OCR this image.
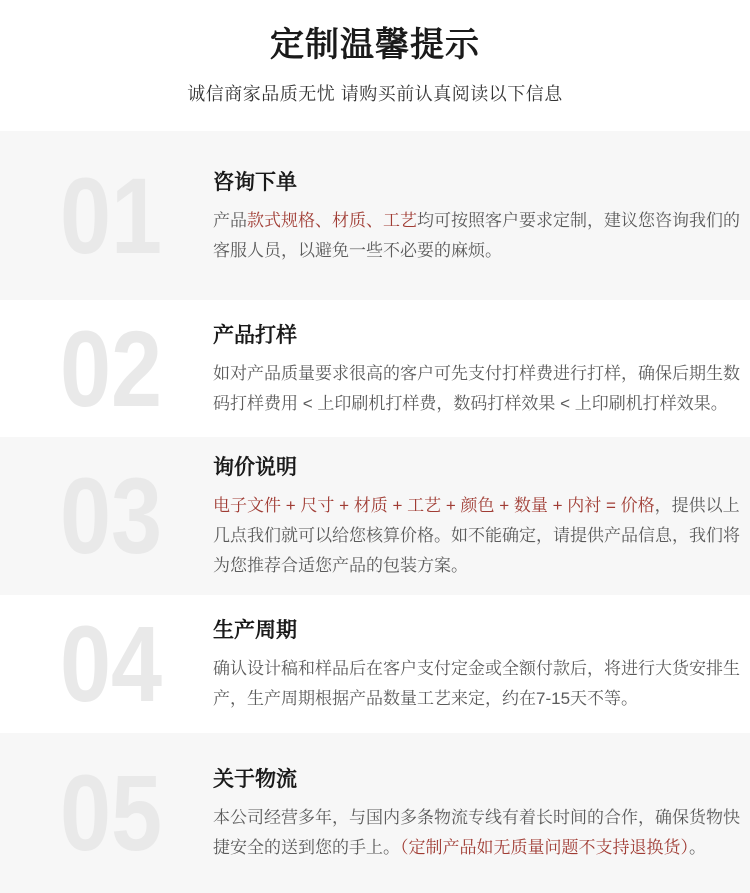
定制温馨提示
诚信商家品质无忧 请购买前认真阅读以下信息
01	咨询下单

产品款式规格、材质、工艺均可按照客户要求定制，建议您咨询我们的客服人员，以避免一些不必要的麻烦。

02	产品打样

如对产品质量要求很高的客户可先支付打样费进行打样，确保后期生数码打样费用 < 上印刷机打样费，数码打样效果 < 上印刷机打样效果。

03	询价说明

电子文件 + 尺寸 + 材质 + 工艺 + 颜色 + 数量 + 内衬 = 价格，提供以上几点我们就可以给您核算价格。如不能确定，请提供产品信息，我们将为您推荐合适您产品的包装方案。

04	生产周期

确认设计稿和样品后在客户支付定金或全额付款后，将进行大货安排生产，生产周期根据产品数量工艺来定，约在7-15天不等。

05	关于物流

本公司经营多年，与国内多条物流专线有着长时间的合作，确保货物快捷安全的送到您的手上。（定制产品如无质量问题不支持退换货）。
